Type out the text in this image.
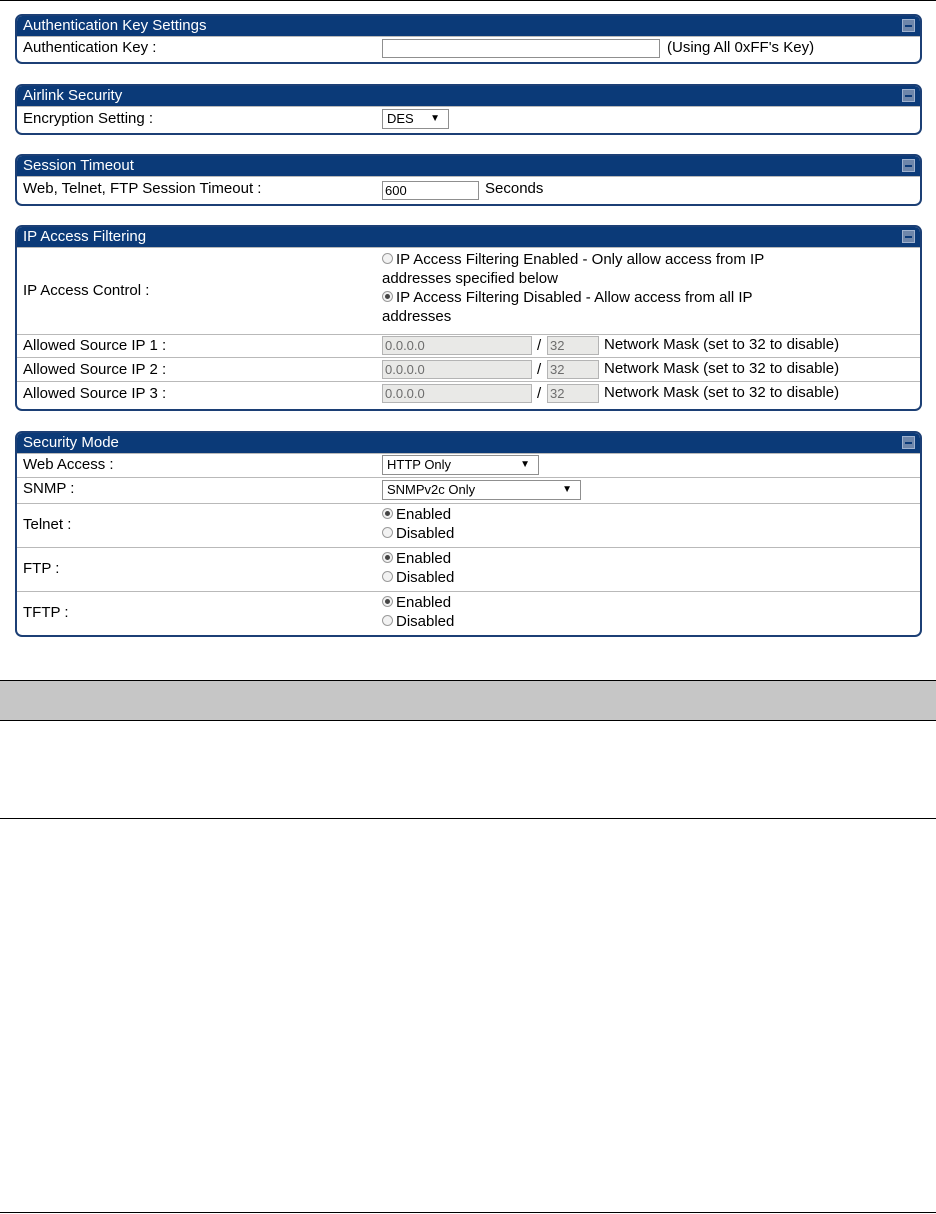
Authentication Key Settings
Authentication Key :	(Using All 0xFF's Key)
Airlink Security
Encryption Setting :	DES ▼
Session Timeout
Web, Telnet, FTP Session Timeout :	600	Seconds
IP Access Filtering
IP Access Control :
IP Access Filtering Enabled - Only allow access from IP
addresses specified below
IP Access Filtering Disabled - Allow access from all IP
addresses
Allowed Source IP 1 :	0.0.0.0	/ 32	Network Mask (set to 32 to disable)
Allowed Source IP 2 :	0.0.0.0	/ 32	Network Mask (set to 32 to disable)
Allowed Source IP 3 :	0.0.0.0	/ 32	Network Mask (set to 32 to disable)
Security Mode
Web Access :	HTTP Only	▼
SNMP :	SNMPv2c Only	▼
Telnet :
Enabled
Disabled
FTP :
Enabled
Disabled
TFTP :
Enabled
Disabled
